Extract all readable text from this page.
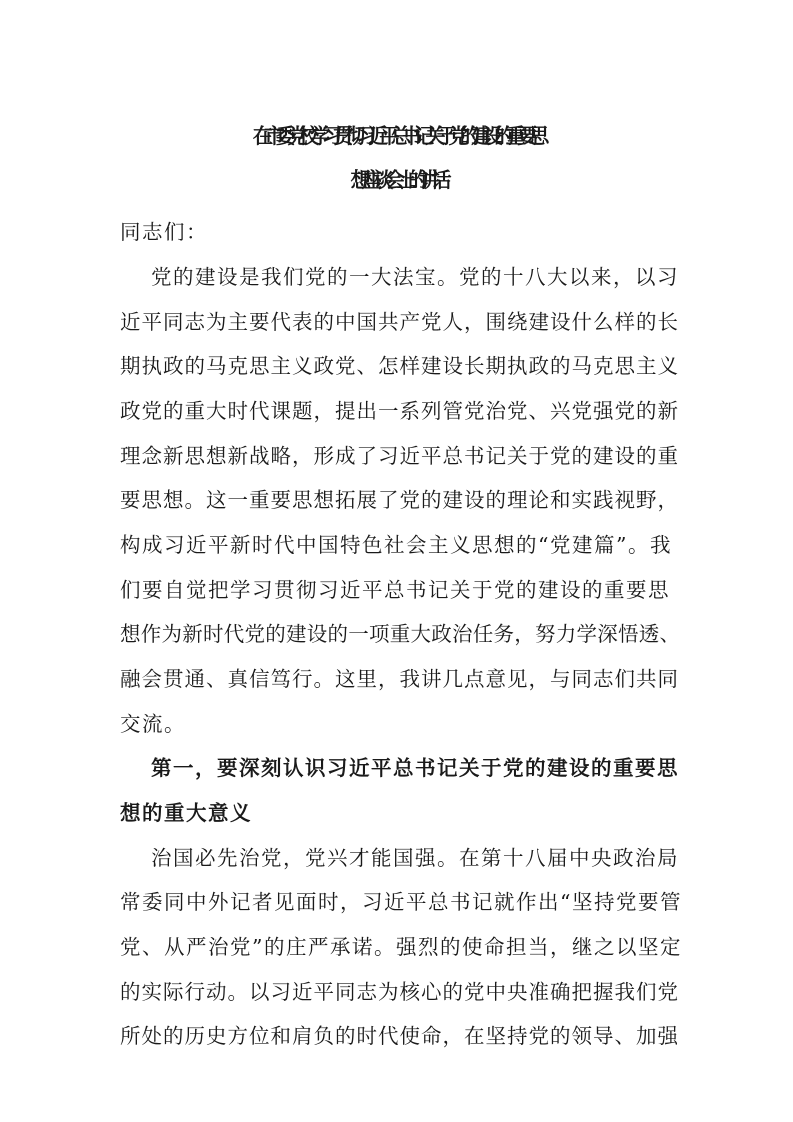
在市委党校学习贯彻习近平总书记关于党的建设的重要思
想座谈会上的讲话
同志们：
党的建设是我们党的一大法宝。党的十八大以来，以习
近平同志为主要代表的中国共产党人，围绕建设什么样的长
期执政的马克思主义政党、怎样建设长期执政的马克思主义
政党的重大时代课题，提出一系列管党治党、兴党强党的新
理念新思想新战略，形成了习近平总书记关于党的建设的重
要思想。这一重要思想拓展了党的建设的理论和实践视野，
构成习近平新时代中国特色社会主义思想的“党建篇”。我
们要自觉把学习贯彻习近平总书记关于党的建设的重要思
想作为新时代党的建设的一项重大政治任务，努力学深悟透、
融会贯通、真信笃行。这里，我讲几点意见，与同志们共同
交流。
第一，要深刻认识习近平总书记关于党的建设的重要思
想的重大意义
治国必先治党，党兴才能国强。在第十八届中央政治局
常委同中外记者见面时，习近平总书记就作出“坚持党要管
党、从严治党”的庄严承诺。强烈的使命担当，继之以坚定
的实际行动。以习近平同志为核心的党中央准确把握我们党
所处的历史方位和肩负的时代使命，在坚持党的领导、加强
